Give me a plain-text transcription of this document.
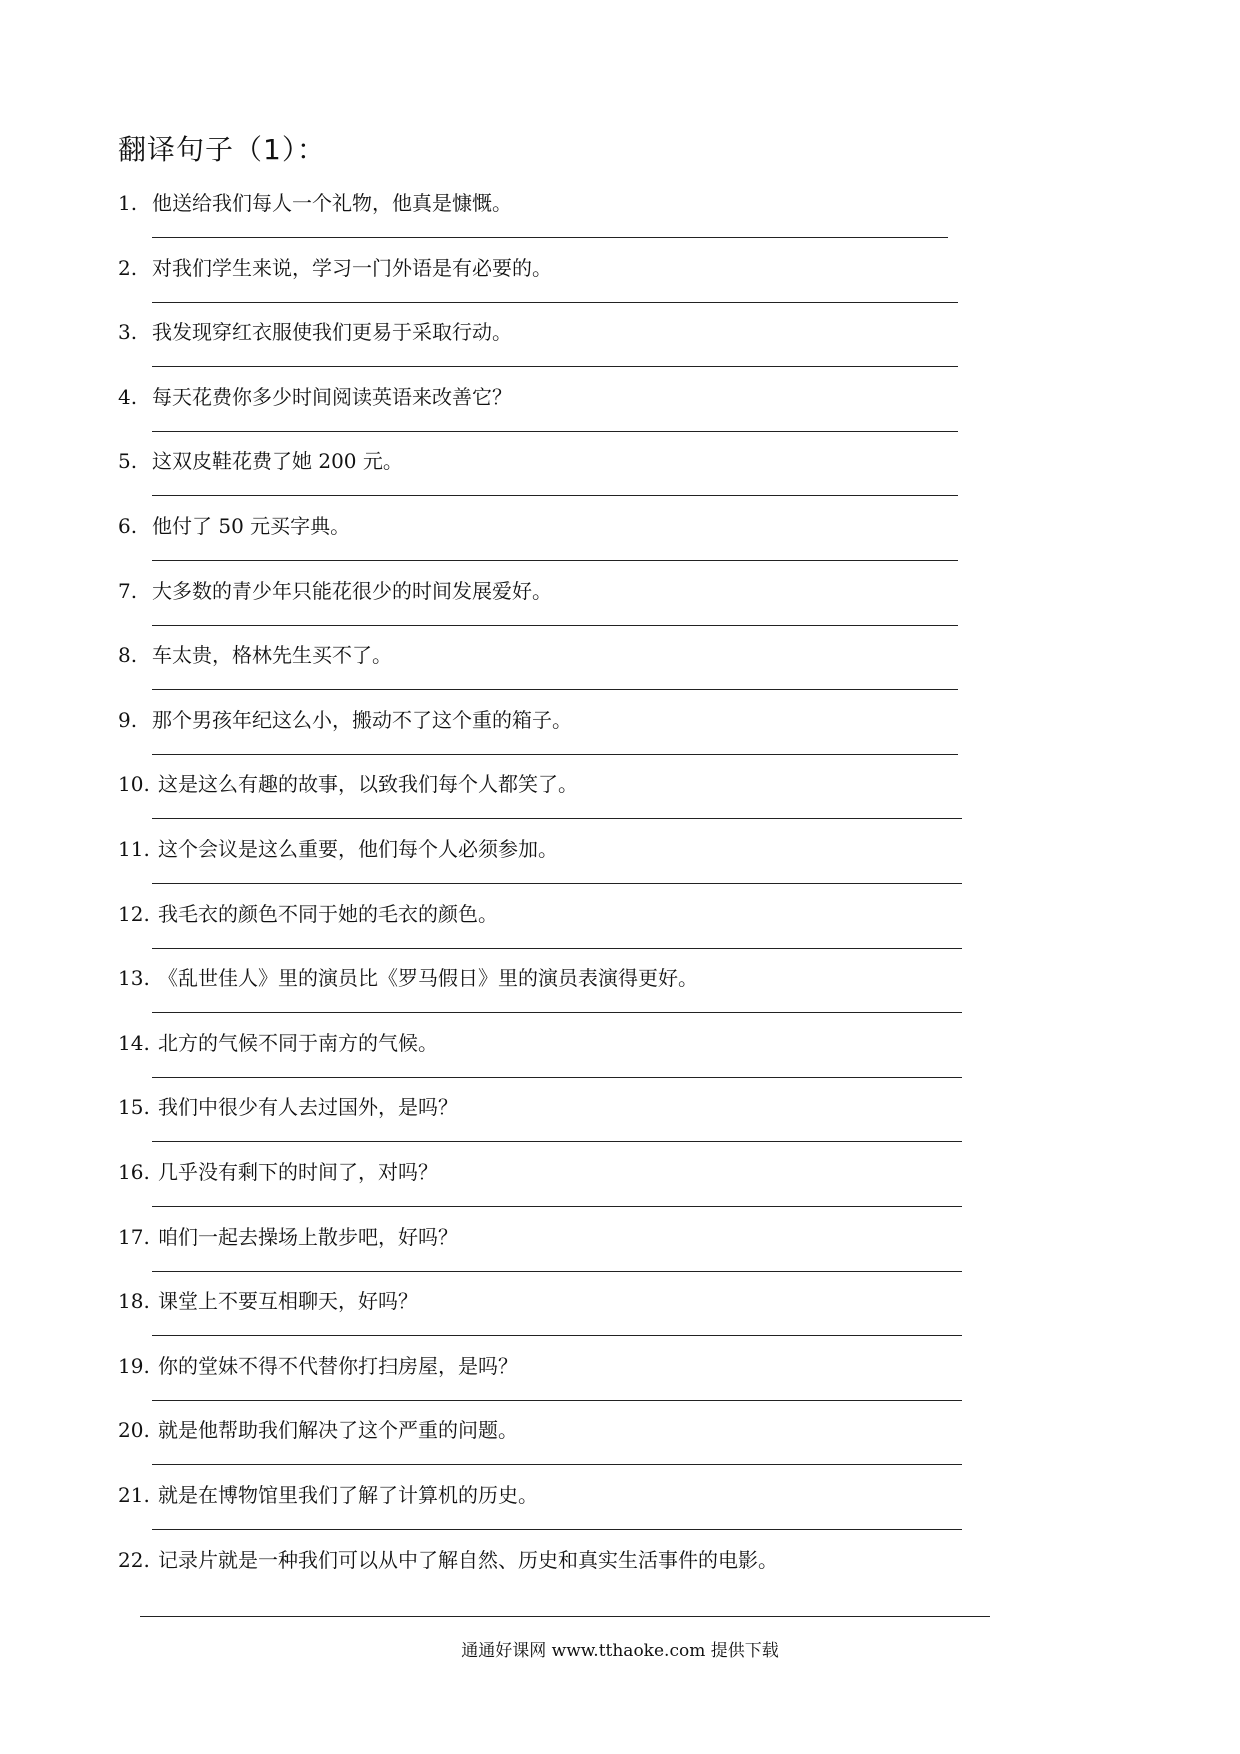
翻译句子（1）：
1. 他送给我们每人一个礼物，他真是慷慨。
2. 对我们学生来说，学习一门外语是有必要的。
3. 我发现穿红衣服使我们更易于采取行动。
4. 每天花费你多少时间阅读英语来改善它？
5. 这双皮鞋花费了她 200 元。
6. 他付了 50 元买字典。
7. 大多数的青少年只能花很少的时间发展爱好。
8. 车太贵，格林先生买不了。
9. 那个男孩年纪这么小，搬动不了这个重的箱子。
10. 这是这么有趣的故事，以致我们每个人都笑了。
11. 这个会议是这么重要，他们每个人必须参加。
12. 我毛衣的颜色不同于她的毛衣的颜色。
13. 《乱世佳人》里的演员比《罗马假日》里的演员表演得更好。
14. 北方的气候不同于南方的气候。
15. 我们中很少有人去过国外，是吗？
16. 几乎没有剩下的时间了，对吗？
17. 咱们一起去操场上散步吧，好吗？
18. 课堂上不要互相聊天，好吗？
19. 你的堂妹不得不代替你打扫房屋，是吗？
20. 就是他帮助我们解决了这个严重的问题。
21. 就是在博物馆里我们了解了计算机的历史。
22. 记录片就是一种我们可以从中了解自然、历史和真实生活事件的电影。
通通好课网 www.tthaoke.com 提供下载
